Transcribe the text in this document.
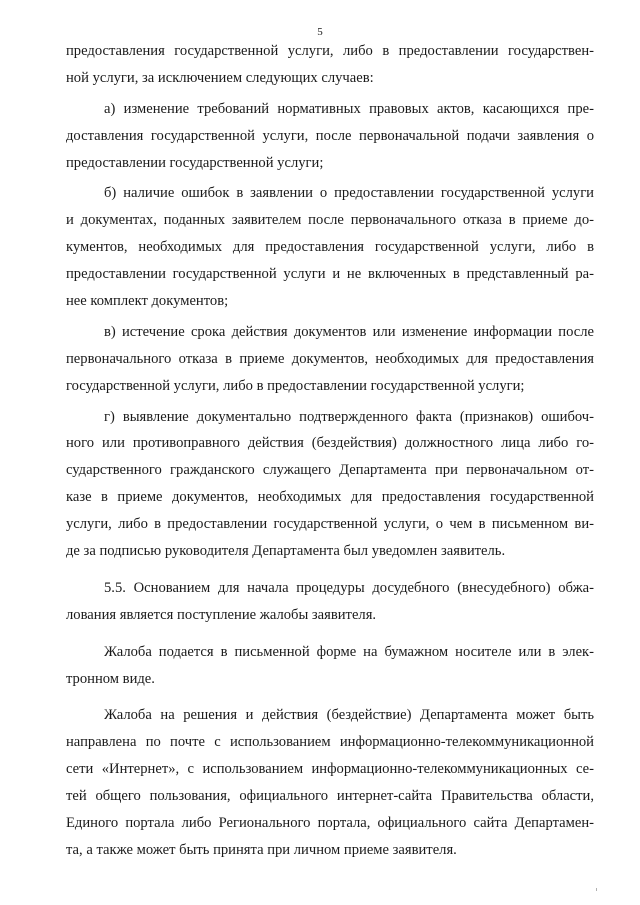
5
предоставления государственной услуги, либо в предоставлении государствен-
ной услуги, за исключением следующих случаев:
а) изменение требований нормативных правовых актов, касающихся пре-
доставления государственной услуги, после первоначальной подачи заявления о
предоставлении государственной услуги;
б) наличие ошибок в заявлении о предоставлении государственной услуги
и документах, поданных заявителем после первоначального отказа в приеме до-
кументов, необходимых для предоставления государственной услуги, либо в
предоставлении государственной услуги и не включенных в представленный ра-
нее комплект документов;
в) истечение срока действия документов или изменение информации после
первоначального отказа в приеме документов, необходимых для предоставления
государственной услуги, либо в предоставлении государственной услуги;
г) выявление документально подтвержденного факта (признаков) ошибоч-
ного или противоправного действия (бездействия) должностного лица либо го-
сударственного гражданского служащего Департамента при первоначальном от-
казе в приеме документов, необходимых для предоставления государственной
услуги, либо в предоставлении государственной услуги, о чем в письменном ви-
де за подписью руководителя Департамента был уведомлен заявитель.
5.5. Основанием для начала процедуры досудебного (внесудебного) обжа-
лования является поступление жалобы заявителя.
Жалоба подается в письменной форме на бумажном носителе или в элек-
тронном виде.
Жалоба на решения и действия (бездействие) Департамента может быть
направлена по почте с использованием информационно-телекоммуникационной
сети «Интернет», с использованием информационно-телекоммуникационных се-
тей общего пользования, официального интернет-сайта Правительства области,
Единого портала либо Регионального портала, официального сайта Департамен-
та, а также может быть принята при личном приеме заявителя.
